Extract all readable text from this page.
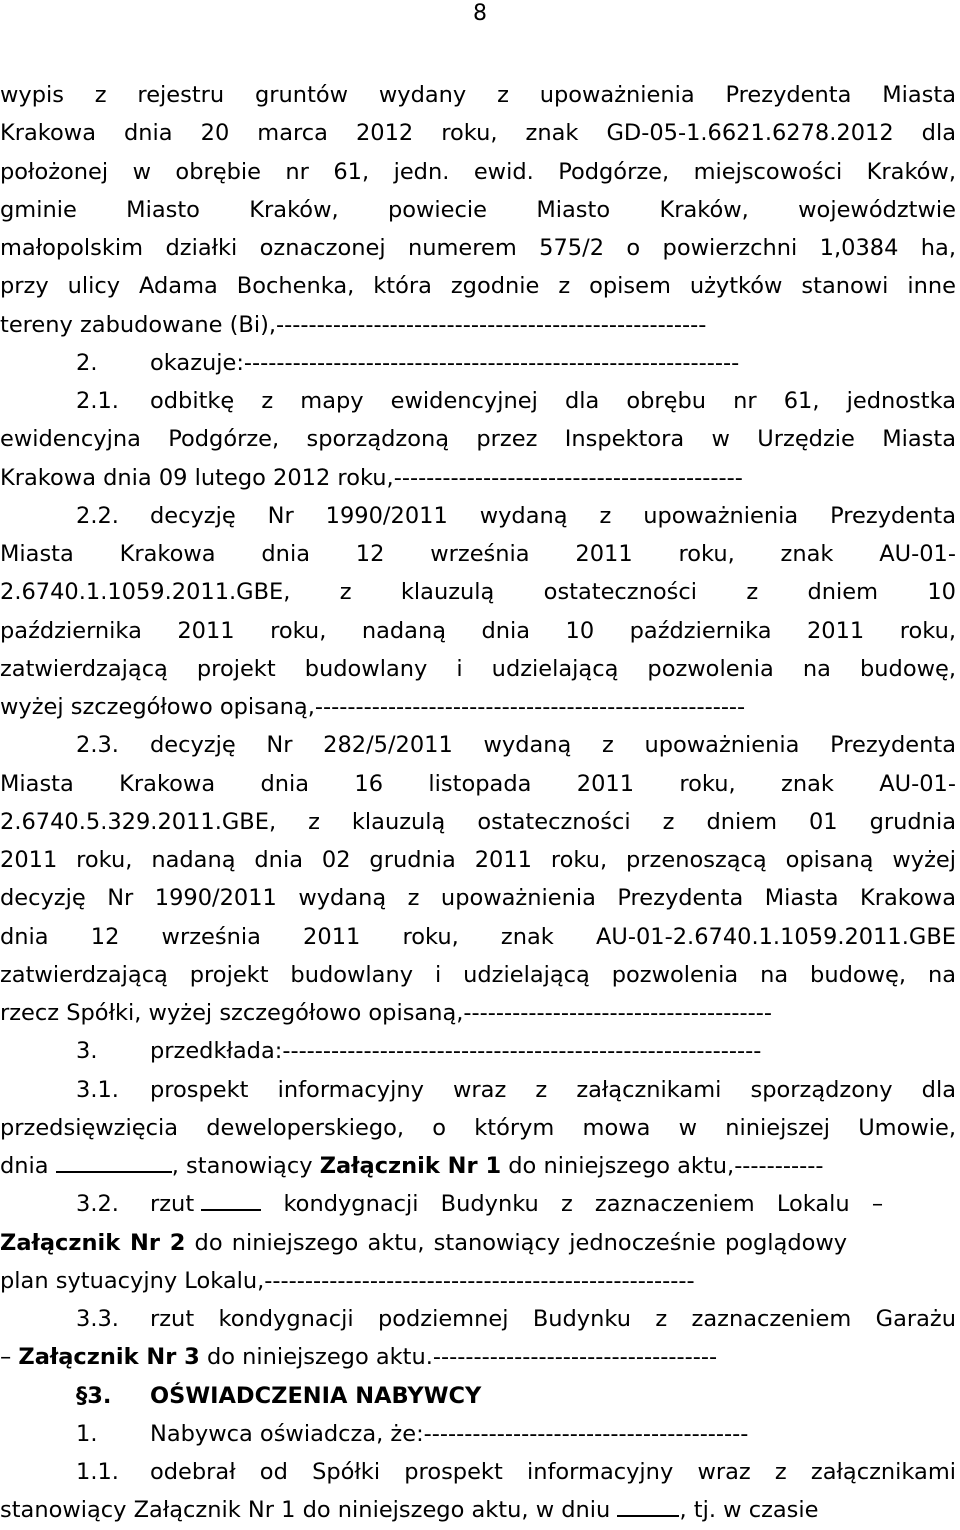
8
wypis z rejestru gruntów wydany z upoważnienia Prezydenta Miasta
Krakowa dnia 20 marca 2012 roku, znak GD-05-1.6621.6278.2012 dla
położonej w obrębie nr 61, jedn. ewid. Podgórze, miejscowości Kraków,
gminie Miasto Kraków, powiecie Miasto Kraków, województwie
małopolskim działki oznaczonej numerem 575/2 o powierzchni 1,0384 ha,
przy ulicy Adama Bochenka, która zgodnie z opisem użytków stanowi inne
tereny zabudowane (Bi),-----------------------------------------------------
2. okazuje:-------------------------------------------------------------
2.1. odbitkę z mapy ewidencyjnej dla obrębu nr 61, jednostka
ewidencyjna Podgórze, sporządzoną przez Inspektora w Urzędzie Miasta
Krakowa dnia 09 lutego 2012 roku,-------------------------------------------
2.2. decyzję Nr 1990/2011 wydaną z upoważnienia Prezydenta
Miasta Krakowa dnia 12 września 2011 roku, znak AU-01-
2.6740.1.1059.2011.GBE, z klauzulą ostateczności z dniem 10
października 2011 roku, nadaną dnia 10 października 2011 roku,
zatwierdzającą projekt budowlany i udzielającą pozwolenia na budowę,
wyżej szczegółowo opisaną,-----------------------------------------------------
2.3. decyzję Nr 282/5/2011 wydaną z upoważnienia Prezydenta
Miasta Krakowa dnia 16 listopada 2011 roku, znak AU-01-
2.6740.5.329.2011.GBE, z klauzulą ostateczności z dniem 01 grudnia
2011 roku, nadaną dnia 02 grudnia 2011 roku, przenoszącą opisaną wyżej
decyzję Nr 1990/2011 wydaną z upoważnienia Prezydenta Miasta Krakowa
dnia 12 września 2011 roku, znak AU-01-2.6740.1.1059.2011.GBE
zatwierdzającą projekt budowlany i udzielającą pozwolenia na budowę, na
rzecz Spółki, wyżej szczegółowo opisaną,--------------------------------------
3. przedkłada:-----------------------------------------------------------
3.1. prospekt informacyjny wraz z załącznikami sporządzony dla
przedsięwzięcia deweloperskiego, o którym mowa w niniejszej Umowie,
dnia	, stanowiący Załącznik Nr 1 do niniejszego aktu,-----------
3.2. rzut	kondygnacji Budynku z zaznaczeniem Lokalu –
Załącznik Nr 2 do niniejszego aktu, stanowiący jednocześnie poglądowy
plan sytuacyjny Lokalu,-----------------------------------------------------
3.3. rzut kondygnacji podziemnej Budynku z zaznaczeniem Garażu
– Załącznik Nr 3 do niniejszego aktu.-----------------------------------
§3. OŚWIADCZENIA NABYWCY
1. Nabywca oświadcza, że:----------------------------------------
1.1. odebrał od Spółki prospekt informacyjny wraz z załącznikami
stanowiący Załącznik Nr 1 do niniejszego aktu, w dniu	, tj. w czasie
